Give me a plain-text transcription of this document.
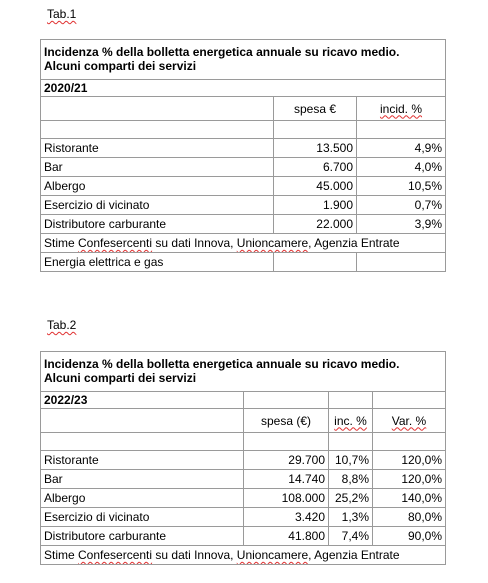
Tab.1
Incidenza % della bolletta energetica annuale su ricavo medio.
Alcuni comparti dei servizi		

2020/21		
	spesa €	incid. %

Ristorante	13.500	4,9%
Bar	6.700	4,0%
Albergo	45.000	10,5%
Esercizio di vicinato	1.900	0,7%
Distributore carburante	22.000	3,9%
Stime Confesercenti su dati Innova, Unioncamere, Agenzia Entrate		
Energia elettrica e gas		
Tab.2
Incidenza % della bolletta energetica annuale su ricavo medio.
Alcuni comparti dei servizi			

2022/23			
	spesa (€)	inc. %	Var. %

Ristorante	29.700	10,7%	120,0%
Bar	14.740	8,8%	120,0%
Albergo	108.000	25,2%	140,0%
Esercizio di vicinato	3.420	1,3%	80,0%
Distributore carburante	41.800	7,4%	90,0%
Stime Confesercenti su dati Innova, Unioncamere, Agenzia Entrate			
